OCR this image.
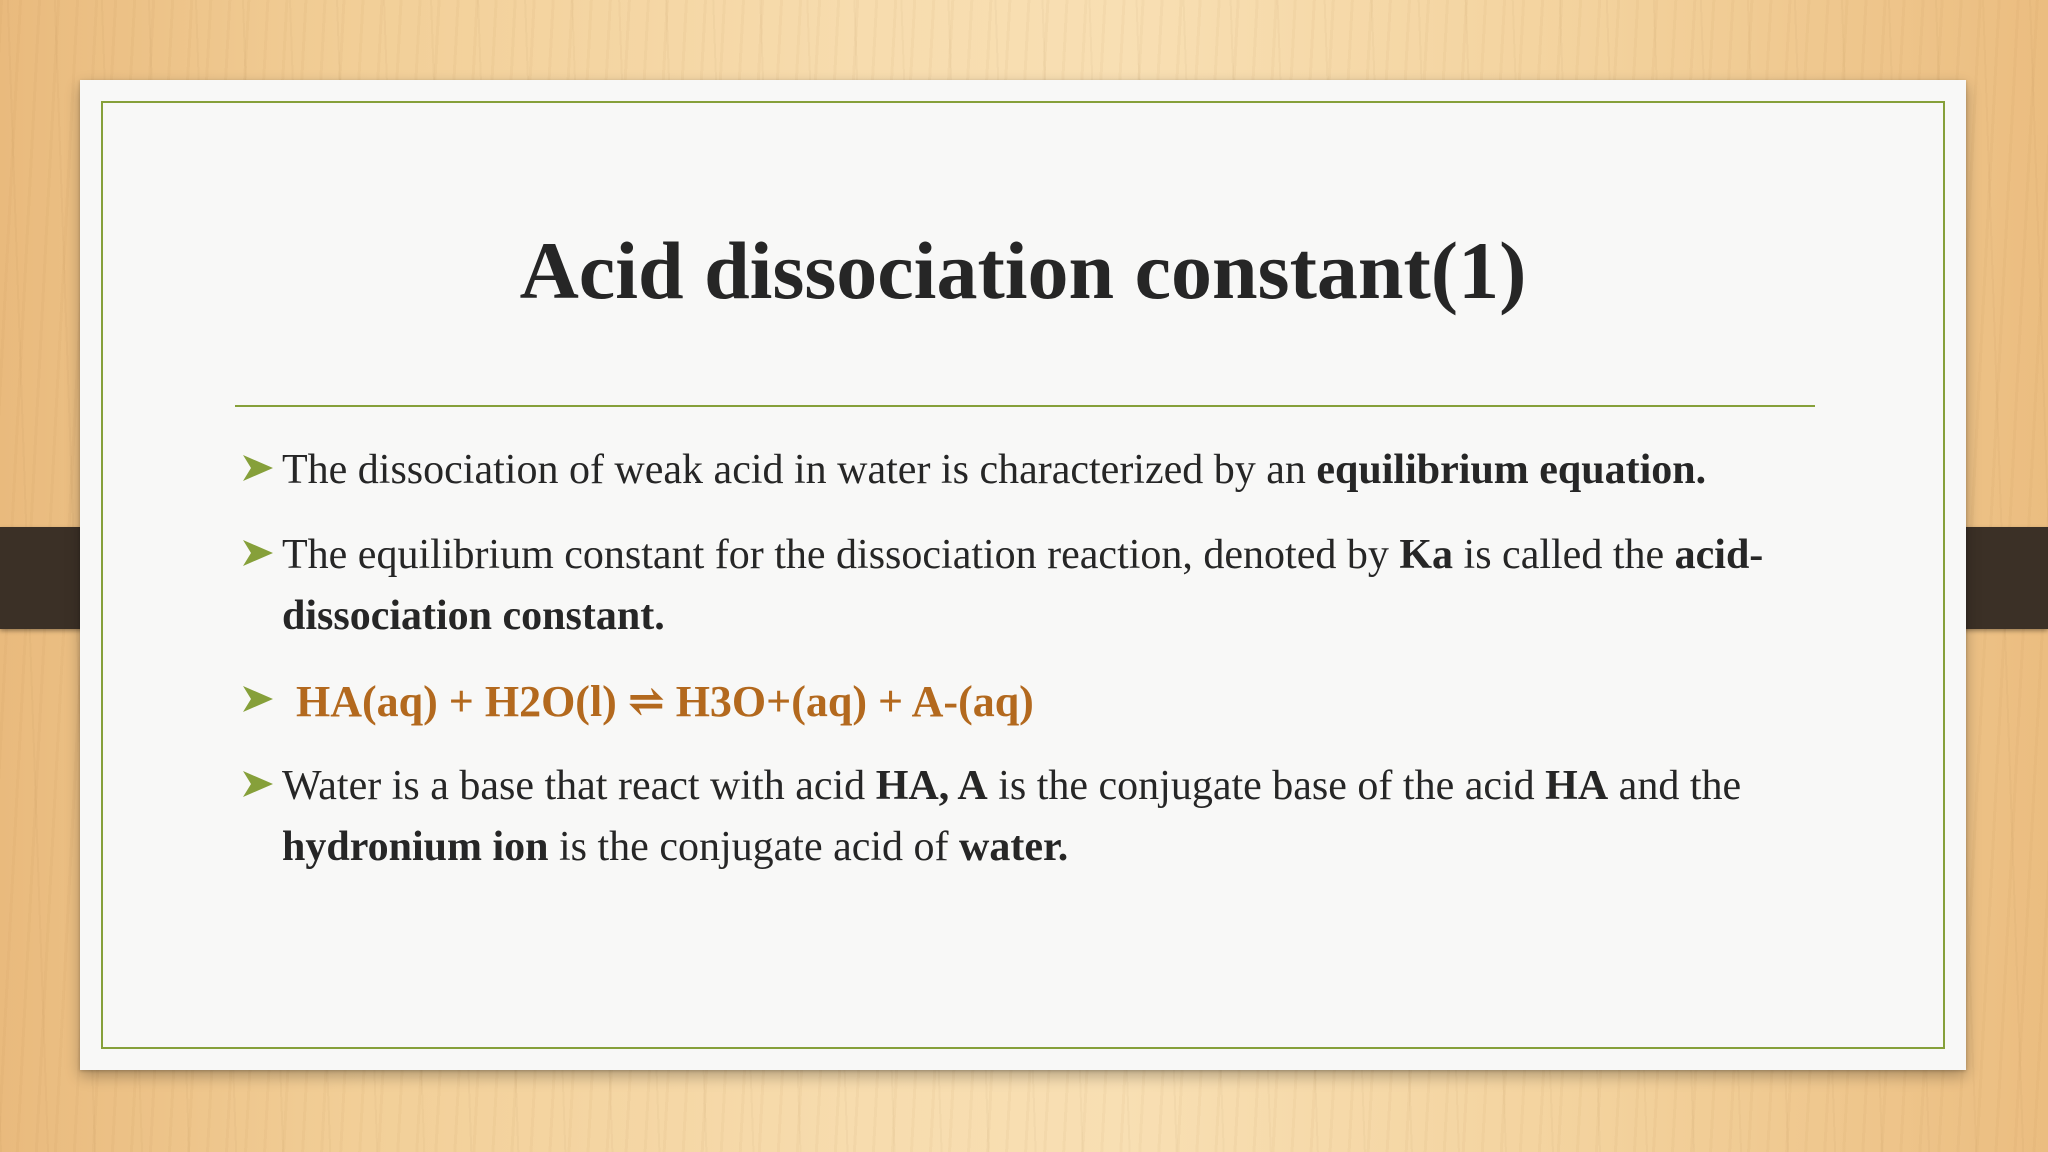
Acid dissociation constant(1)
The dissociation of weak acid in water is characterized by an equilibrium equation.
The equilibrium constant for the dissociation reaction, denoted by Ka is called the acid-dissociation constant.
HA(aq) + H2O(l) ⇌ H3O+(aq) + A-(aq)
Water is a base that react with acid HA, A is the conjugate base of the acid HA and the hydronium ion is the conjugate acid of water.
